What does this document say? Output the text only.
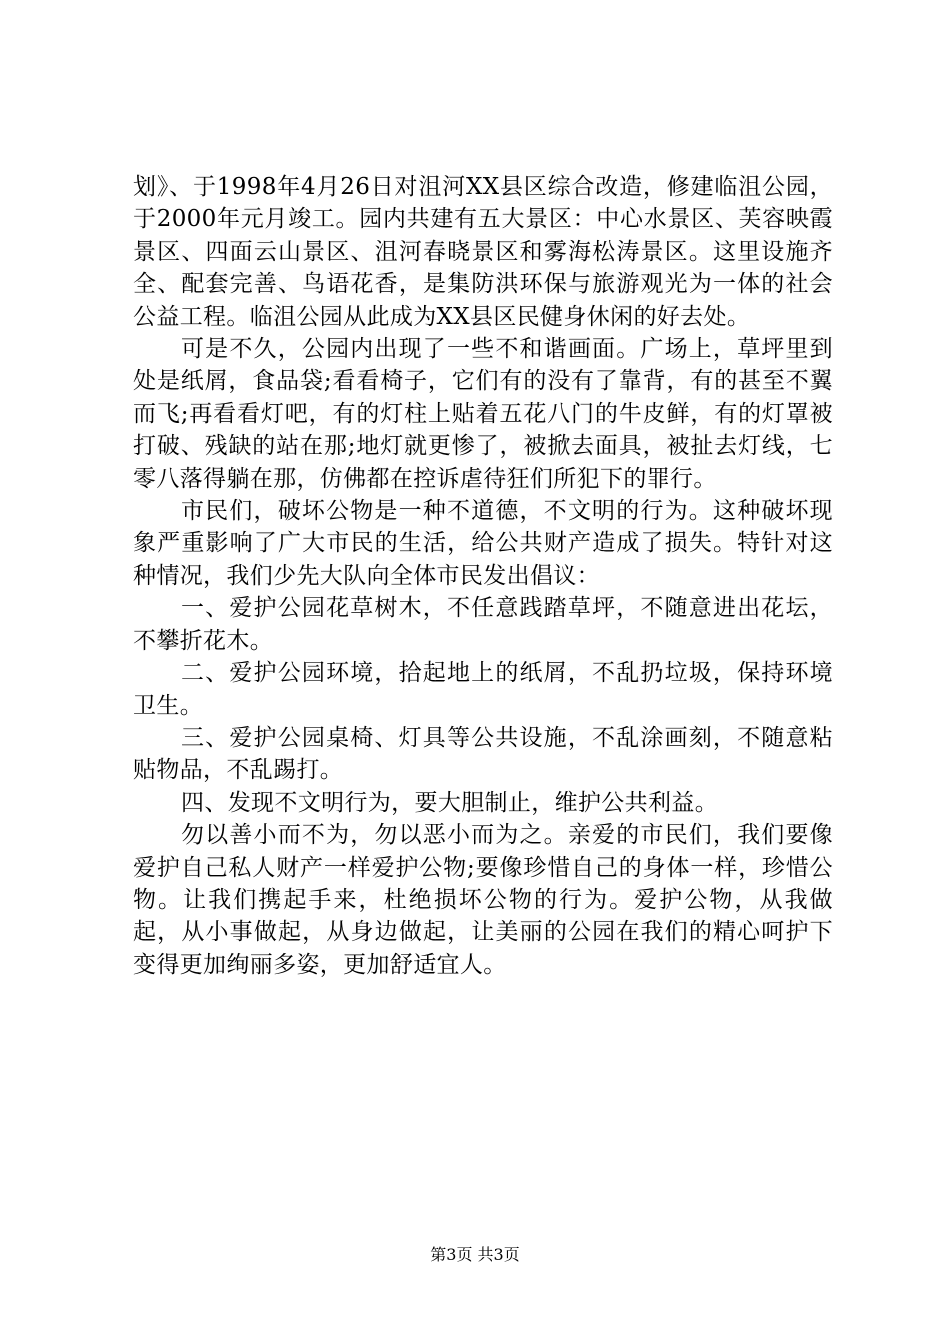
划》、于1998年4月26日对沮河XX县区综合改造，修建临沮公园，于2000年元月竣工。园内共建有五大景区：中心水景区、芙容映霞景区、四面云山景区、沮河春晓景区和雾海松涛景区。这里设施齐全、配套完善、鸟语花香，是集防洪环保与旅游观光为一体的社会公益工程。临沮公园从此成为XX县区民健身休闲的好去处。

可是不久，公园内出现了一些不和谐画面。广场上，草坪里到处是纸屑，食品袋;看看椅子，它们有的没有了靠背，有的甚至不翼而飞;再看看灯吧，有的灯柱上贴着五花八门的牛皮鲜，有的灯罩被打破、残缺的站在那;地灯就更惨了，被掀去面具，被扯去灯线，七零八落得躺在那，仿佛都在控诉虐待狂们所犯下的罪行。

市民们，破坏公物是一种不道德，不文明的行为。这种破坏现象严重影响了广大市民的生活，给公共财产造成了损失。特针对这种情况，我们少先大队向全体市民发出倡议：

一、爱护公园花草树木，不任意践踏草坪，不随意进出花坛，不攀折花木。

二、爱护公园环境，拾起地上的纸屑，不乱扔垃圾，保持环境卫生。

三、爱护公园桌椅、灯具等公共设施，不乱涂画刻，不随意粘贴物品，不乱踢打。

四、发现不文明行为，要大胆制止，维护公共利益。

勿以善小而不为，勿以恶小而为之。亲爱的市民们，我们要像爱护自己私人财产一样爱护公物;要像珍惜自己的身体一样，珍惜公物。让我们携起手来，杜绝损坏公物的行为。爱护公物，从我做起，从小事做起，从身边做起，让美丽的公园在我们的精心呵护下变得更加绚丽多姿，更加舒适宜人。

第3页 共3页
